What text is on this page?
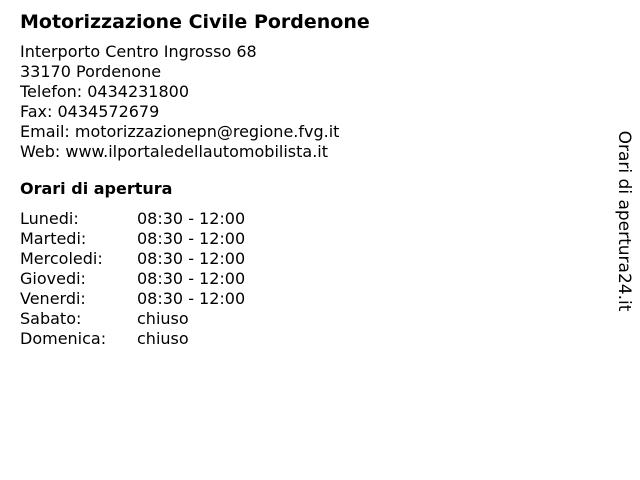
Motorizzazione Civile Pordenone
Interporto Centro Ingrosso 68
33170 Pordenone
Telefon: 0434231800
Fax: 0434572679
Email: motorizzazionepn@regione.fvg.it
Web: www.ilportaledellautomobilista.it
Orari di apertura
Lunedi:	08:30 - 12:00
Martedi:	08:30 - 12:00
Mercoledi:	08:30 - 12:00
Giovedi:	08:30 - 12:00
Venerdi:	08:30 - 12:00
Sabato:	chiuso
Domenica:	chiuso
Orari di apertura24.it
